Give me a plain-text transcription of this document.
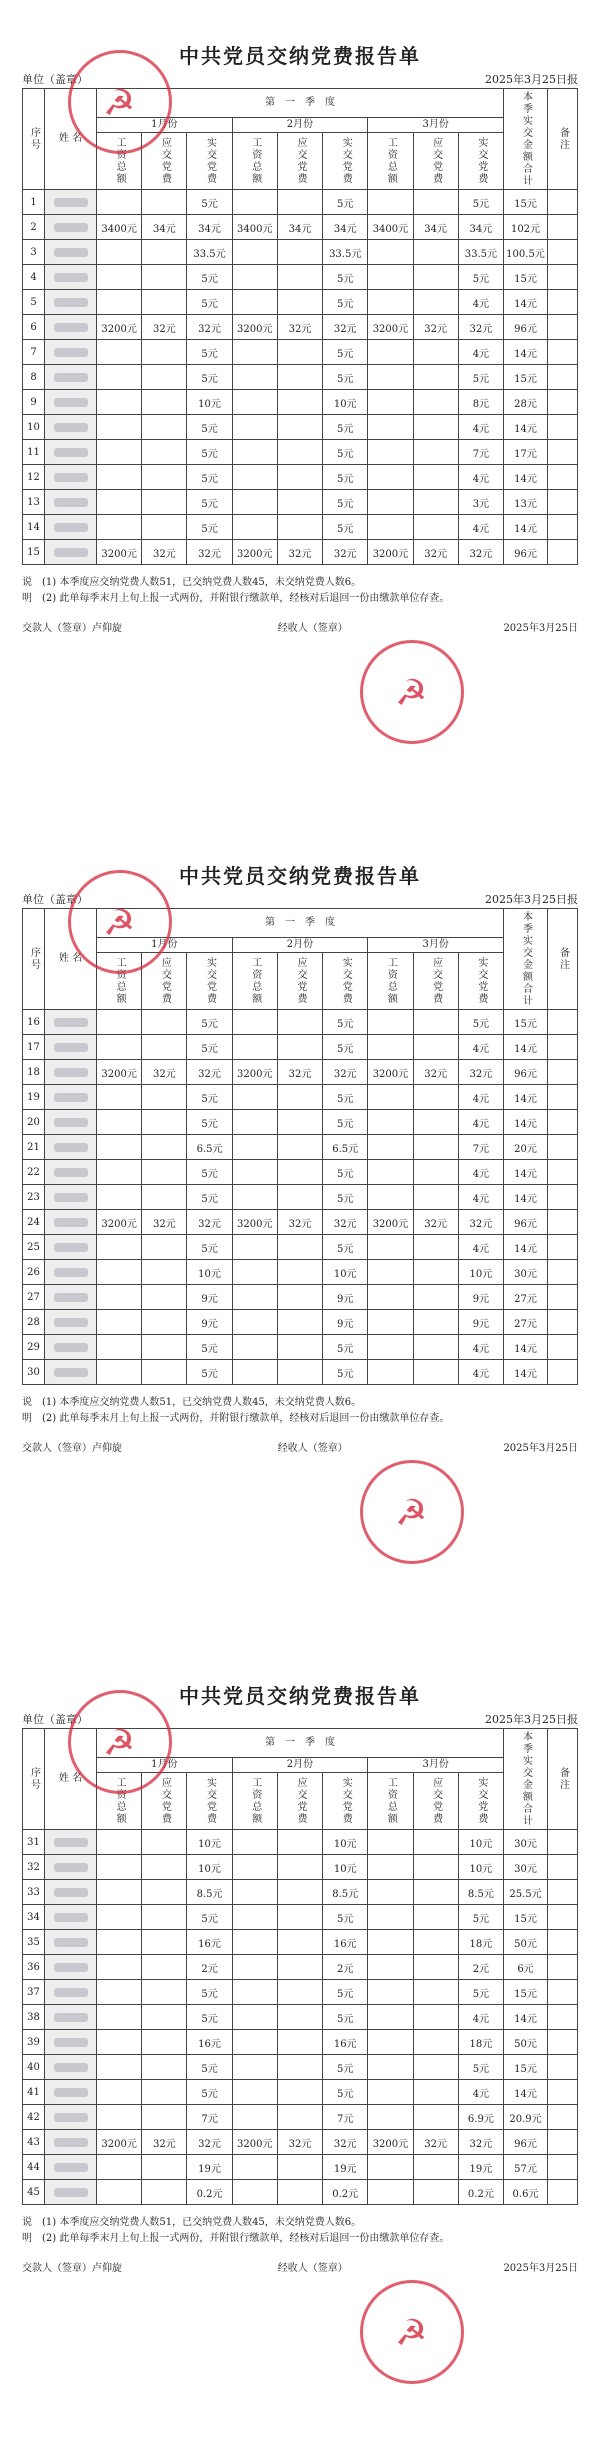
中共党员交纳党费报告单
单位（盖章）	2025年3月25日报
序号	姓 名	第　一　季　度									本季实交金额合计	备注

		1月份			2月份			3月份				

		工资总额	应交党费	实交党费	工资总额	应交党费	实交党费	工资总额	应交党费	实交党费		

1				5元			5元			5元	15元	
2		3400元	34元	34元	3400元	34元	34元	3400元	34元	34元	102元	
3				33.5元			33.5元			33.5元	100.5元	
4				5元			5元			5元	15元	
5				5元			5元			4元	14元	
6		3200元	32元	32元	3200元	32元	32元	3200元	32元	32元	96元	
7				5元			5元			4元	14元	
8				5元			5元			5元	15元	
9				10元			10元			8元	28元	
10				5元			5元			4元	14元	
11				5元			5元			7元	17元	
12				5元			5元			4元	14元	
13				5元			5元			3元	13元	
14				5元			5元			4元	14元	
15		3200元	32元	32元	3200元	32元	32元	3200元	32元	32元	96元	
说　(1) 本季度应交纳党费人数51，已交纳党费人数45，未交纳党费人数6。
明　(2) 此单每季末月上旬上报一式两份，并附银行缴款单，经核对后退回一份由缴款单位存查。
交款人（签章）卢仰旋	经收人（签章）	2025年3月25日
☭
☭
中共党员交纳党费报告单
单位（盖章）	2025年3月25日报
序号	姓 名	第　一　季　度									本季实交金额合计	备注

		1月份			2月份			3月份				

		工资总额	应交党费	实交党费	工资总额	应交党费	实交党费	工资总额	应交党费	实交党费		

16				5元			5元			5元	15元	
17				5元			5元			4元	14元	
18		3200元	32元	32元	3200元	32元	32元	3200元	32元	32元	96元	
19				5元			5元			4元	14元	
20				5元			5元			4元	14元	
21				6.5元			6.5元			7元	20元	
22				5元			5元			4元	14元	
23				5元			5元			4元	14元	
24		3200元	32元	32元	3200元	32元	32元	3200元	32元	32元	96元	
25				5元			5元			4元	14元	
26				10元			10元			10元	30元	
27				9元			9元			9元	27元	
28				9元			9元			9元	27元	
29				5元			5元			4元	14元	
30				5元			5元			4元	14元	
说　(1) 本季度应交纳党费人数51，已交纳党费人数45，未交纳党费人数6。
明　(2) 此单每季末月上旬上报一式两份，并附银行缴款单，经核对后退回一份由缴款单位存查。
交款人（签章）卢仰旋	经收人（签章）	2025年3月25日
☭
☭
中共党员交纳党费报告单
单位（盖章）	2025年3月25日报
序号	姓 名	第　一　季　度									本季实交金额合计	备注

		1月份			2月份			3月份				

		工资总额	应交党费	实交党费	工资总额	应交党费	实交党费	工资总额	应交党费	实交党费		

31				10元			10元			10元	30元	
32				10元			10元			10元	30元	
33				8.5元			8.5元			8.5元	25.5元	
34				5元			5元			5元	15元	
35				16元			16元			18元	50元	
36				2元			2元			2元	6元	
37				5元			5元			5元	15元	
38				5元			5元			4元	14元	
39				16元			16元			18元	50元	
40				5元			5元			5元	15元	
41				5元			5元			4元	14元	
42				7元			7元			6.9元	20.9元	
43		3200元	32元	32元	3200元	32元	32元	3200元	32元	32元	96元	
44				19元			19元			19元	57元	
45				0.2元			0.2元			0.2元	0.6元	
说　(1) 本季度应交纳党费人数51，已交纳党费人数45，未交纳党费人数6。
明　(2) 此单每季末月上旬上报一式两份，并附银行缴款单，经核对后退回一份由缴款单位存查。
交款人（签章）卢仰旋	经收人（签章）	2025年3月25日
☭
☭
